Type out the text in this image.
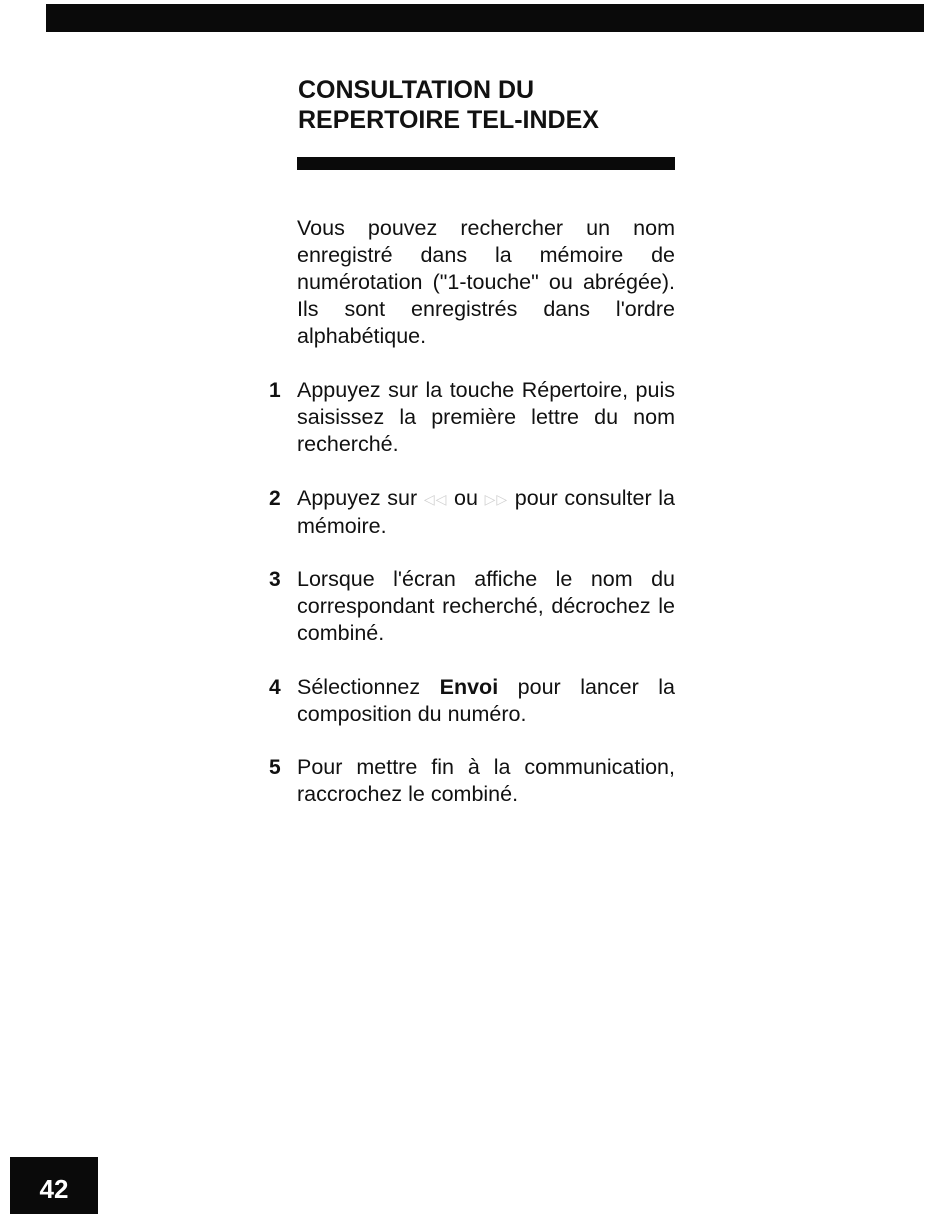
CONSULTATION DU
REPERTOIRE TEL-INDEX

Vous pouvez rechercher un nom enregistré dans la mémoire de numérotation ("1-touche" ou abrégée). Ils sont enregistrés dans l'ordre alphabétique.

1 Appuyez sur la touche Répertoire, puis saisissez la première lettre du nom recherché.
2 Appuyez sur ◁◁ ou ▷▷ pour consulter la mémoire.
3 Lorsque l'écran affiche le nom du correspondant recherché, décrochez le combiné.
4 Sélectionnez Envoi pour lancer la composition du numéro.
5 Pour mettre fin à la communication, raccrochez le combiné.
42
